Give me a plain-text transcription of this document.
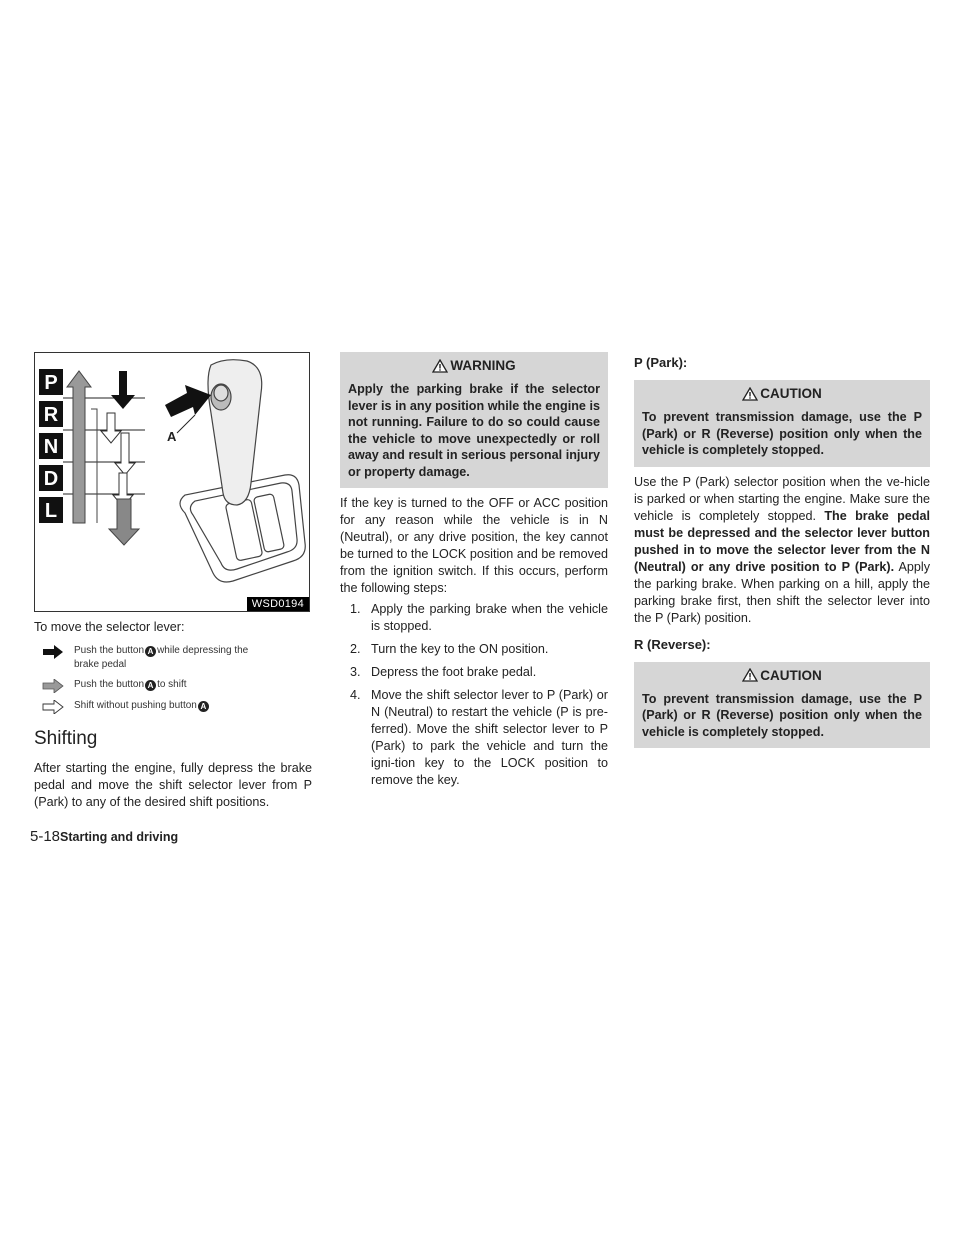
P
R
N
D
L
A
WSD0194

To move the selector lever:

Push the button A while depressing the brake pedal
Push the button A to shift
Shift without pushing button A
Shifting

After starting the engine, fully depress the brake pedal and move the shift selector lever from P (Park) to any of the desired shift positions.

WARNING
Apply the parking brake if the selector lever is in any position while the engine is not running. Failure to do so could cause the vehicle to move unexpectedly or roll away and result in serious personal injury or property damage.

If the key is turned to the OFF or ACC position for any reason while the vehicle is in N (Neutral), or any drive position, the key cannot be turned to the LOCK position and be removed from the ignition switch. If this occurs, perform the following steps:

1. Apply the parking brake when the vehicle is stopped.
2. Turn the key to the ON position.
3. Depress the foot brake pedal.
4. Move the shift selector lever to P (Park) or N (Neutral) to restart the vehicle (P is pre-ferred). Move the shift selector lever to P (Park) to park the vehicle and turn the igni-tion key to the LOCK position to remove the key.
P (Park):
CAUTION
To prevent transmission damage, use the P (Park) or R (Reverse) position only when the vehicle is completely stopped.

Use the P (Park) selector position when the ve-hicle is parked or when starting the engine. Make sure the vehicle is completely stopped. The brake pedal must be depressed and the selector lever button pushed in to move the selector lever from the N (Neutral) or any drive position to P (Park). Apply the parking brake. When parking on a hill, apply the parking brake first, then shift the selector lever into the P (Park) position.

R (Reverse):
CAUTION
To prevent transmission damage, use the P (Park) or R (Reverse) position only when the vehicle is completely stopped.
5-18Starting and driving
